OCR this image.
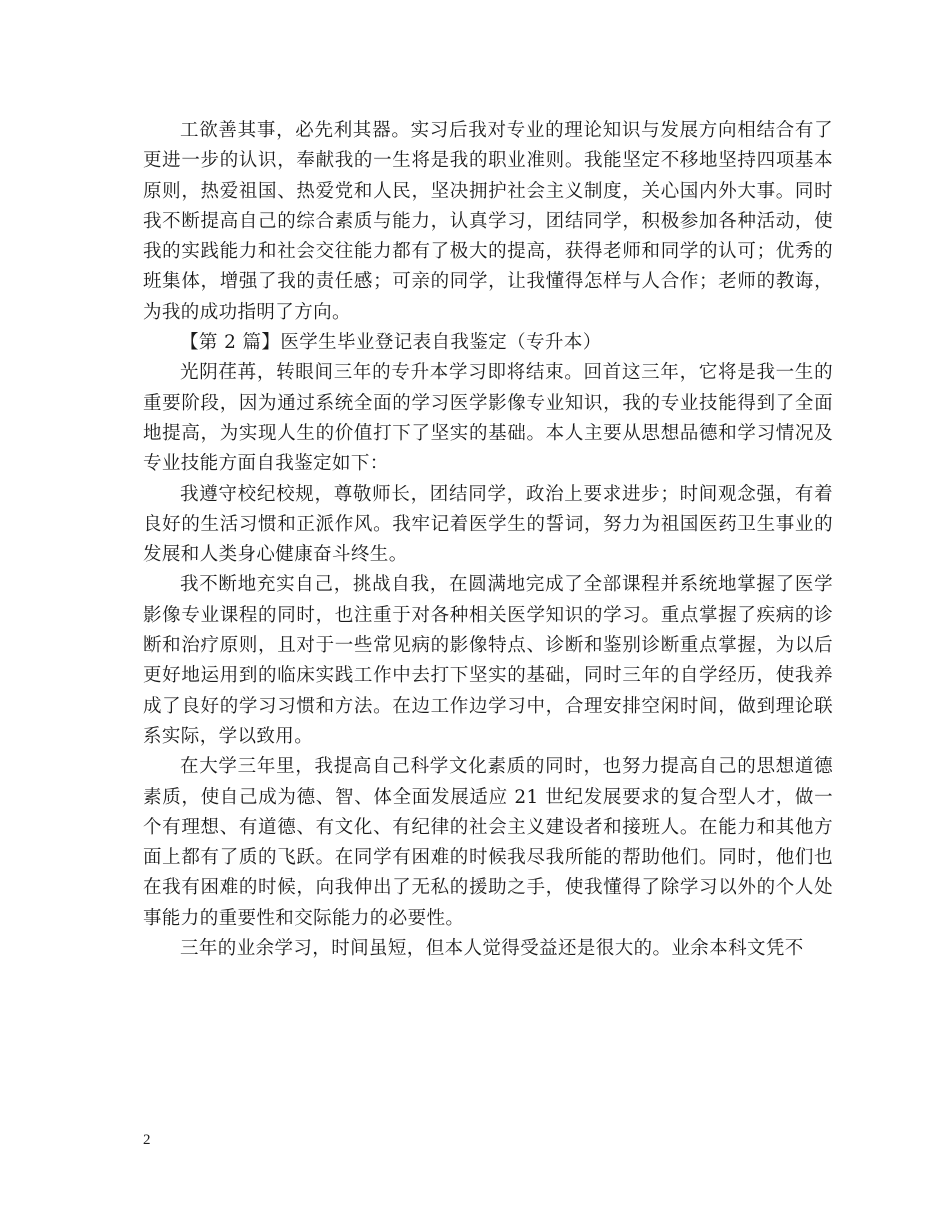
工欲善其事，必先利其器。实习后我对专业的理论知识与发展方向相结合有了更进一步的认识，奉献我的一生将是我的职业准则。我能坚定不移地坚持四项基本原则，热爱祖国、热爱党和人民，坚决拥护社会主义制度，关心国内外大事。同时我不断提高自己的综合素质与能力，认真学习，团结同学，积极参加各种活动，使我的实践能力和社会交往能力都有了极大的提高，获得老师和同学的认可；优秀的班集体，增强了我的责任感；可亲的同学，让我懂得怎样与人合作；老师的教诲，为我的成功指明了方向。

【第 2 篇】医学生毕业登记表自我鉴定（专升本）

光阴荏苒，转眼间三年的专升本学习即将结束。回首这三年，它将是我一生的重要阶段，因为通过系统全面的学习医学影像专业知识，我的专业技能得到了全面地提高，为实现人生的价值打下了坚实的基础。本人主要从思想品德和学习情况及专业技能方面自我鉴定如下：

我遵守校纪校规，尊敬师长，团结同学，政治上要求进步；时间观念强，有着良好的生活习惯和正派作风。我牢记着医学生的誓词，努力为祖国医药卫生事业的发展和人类身心健康奋斗终生。

我不断地充实自己，挑战自我，在圆满地完成了全部课程并系统地掌握了医学影像专业课程的同时，也注重于对各种相关医学知识的学习。重点掌握了疾病的诊断和治疗原则，且对于一些常见病的影像特点、诊断和鉴别诊断重点掌握，为以后更好地运用到的临床实践工作中去打下坚实的基础，同时三年的自学经历，使我养成了良好的学习习惯和方法。在边工作边学习中，合理安排空闲时间，做到理论联系实际，学以致用。

在大学三年里，我提高自己科学文化素质的同时，也努力提高自己的思想道德素质，使自己成为德、智、体全面发展适应 21 世纪发展要求的复合型人才，做一个有理想、有道德、有文化、有纪律的社会主义建设者和接班人。在能力和其他方面上都有了质的飞跃。在同学有困难的时候我尽我所能的帮助他们。同时，他们也在我有困难的时候，向我伸出了无私的援助之手，使我懂得了除学习以外的个人处事能力的重要性和交际能力的必要性。

三年的业余学习，时间虽短，但本人觉得受益还是很大的。业余本科文凭不

2
